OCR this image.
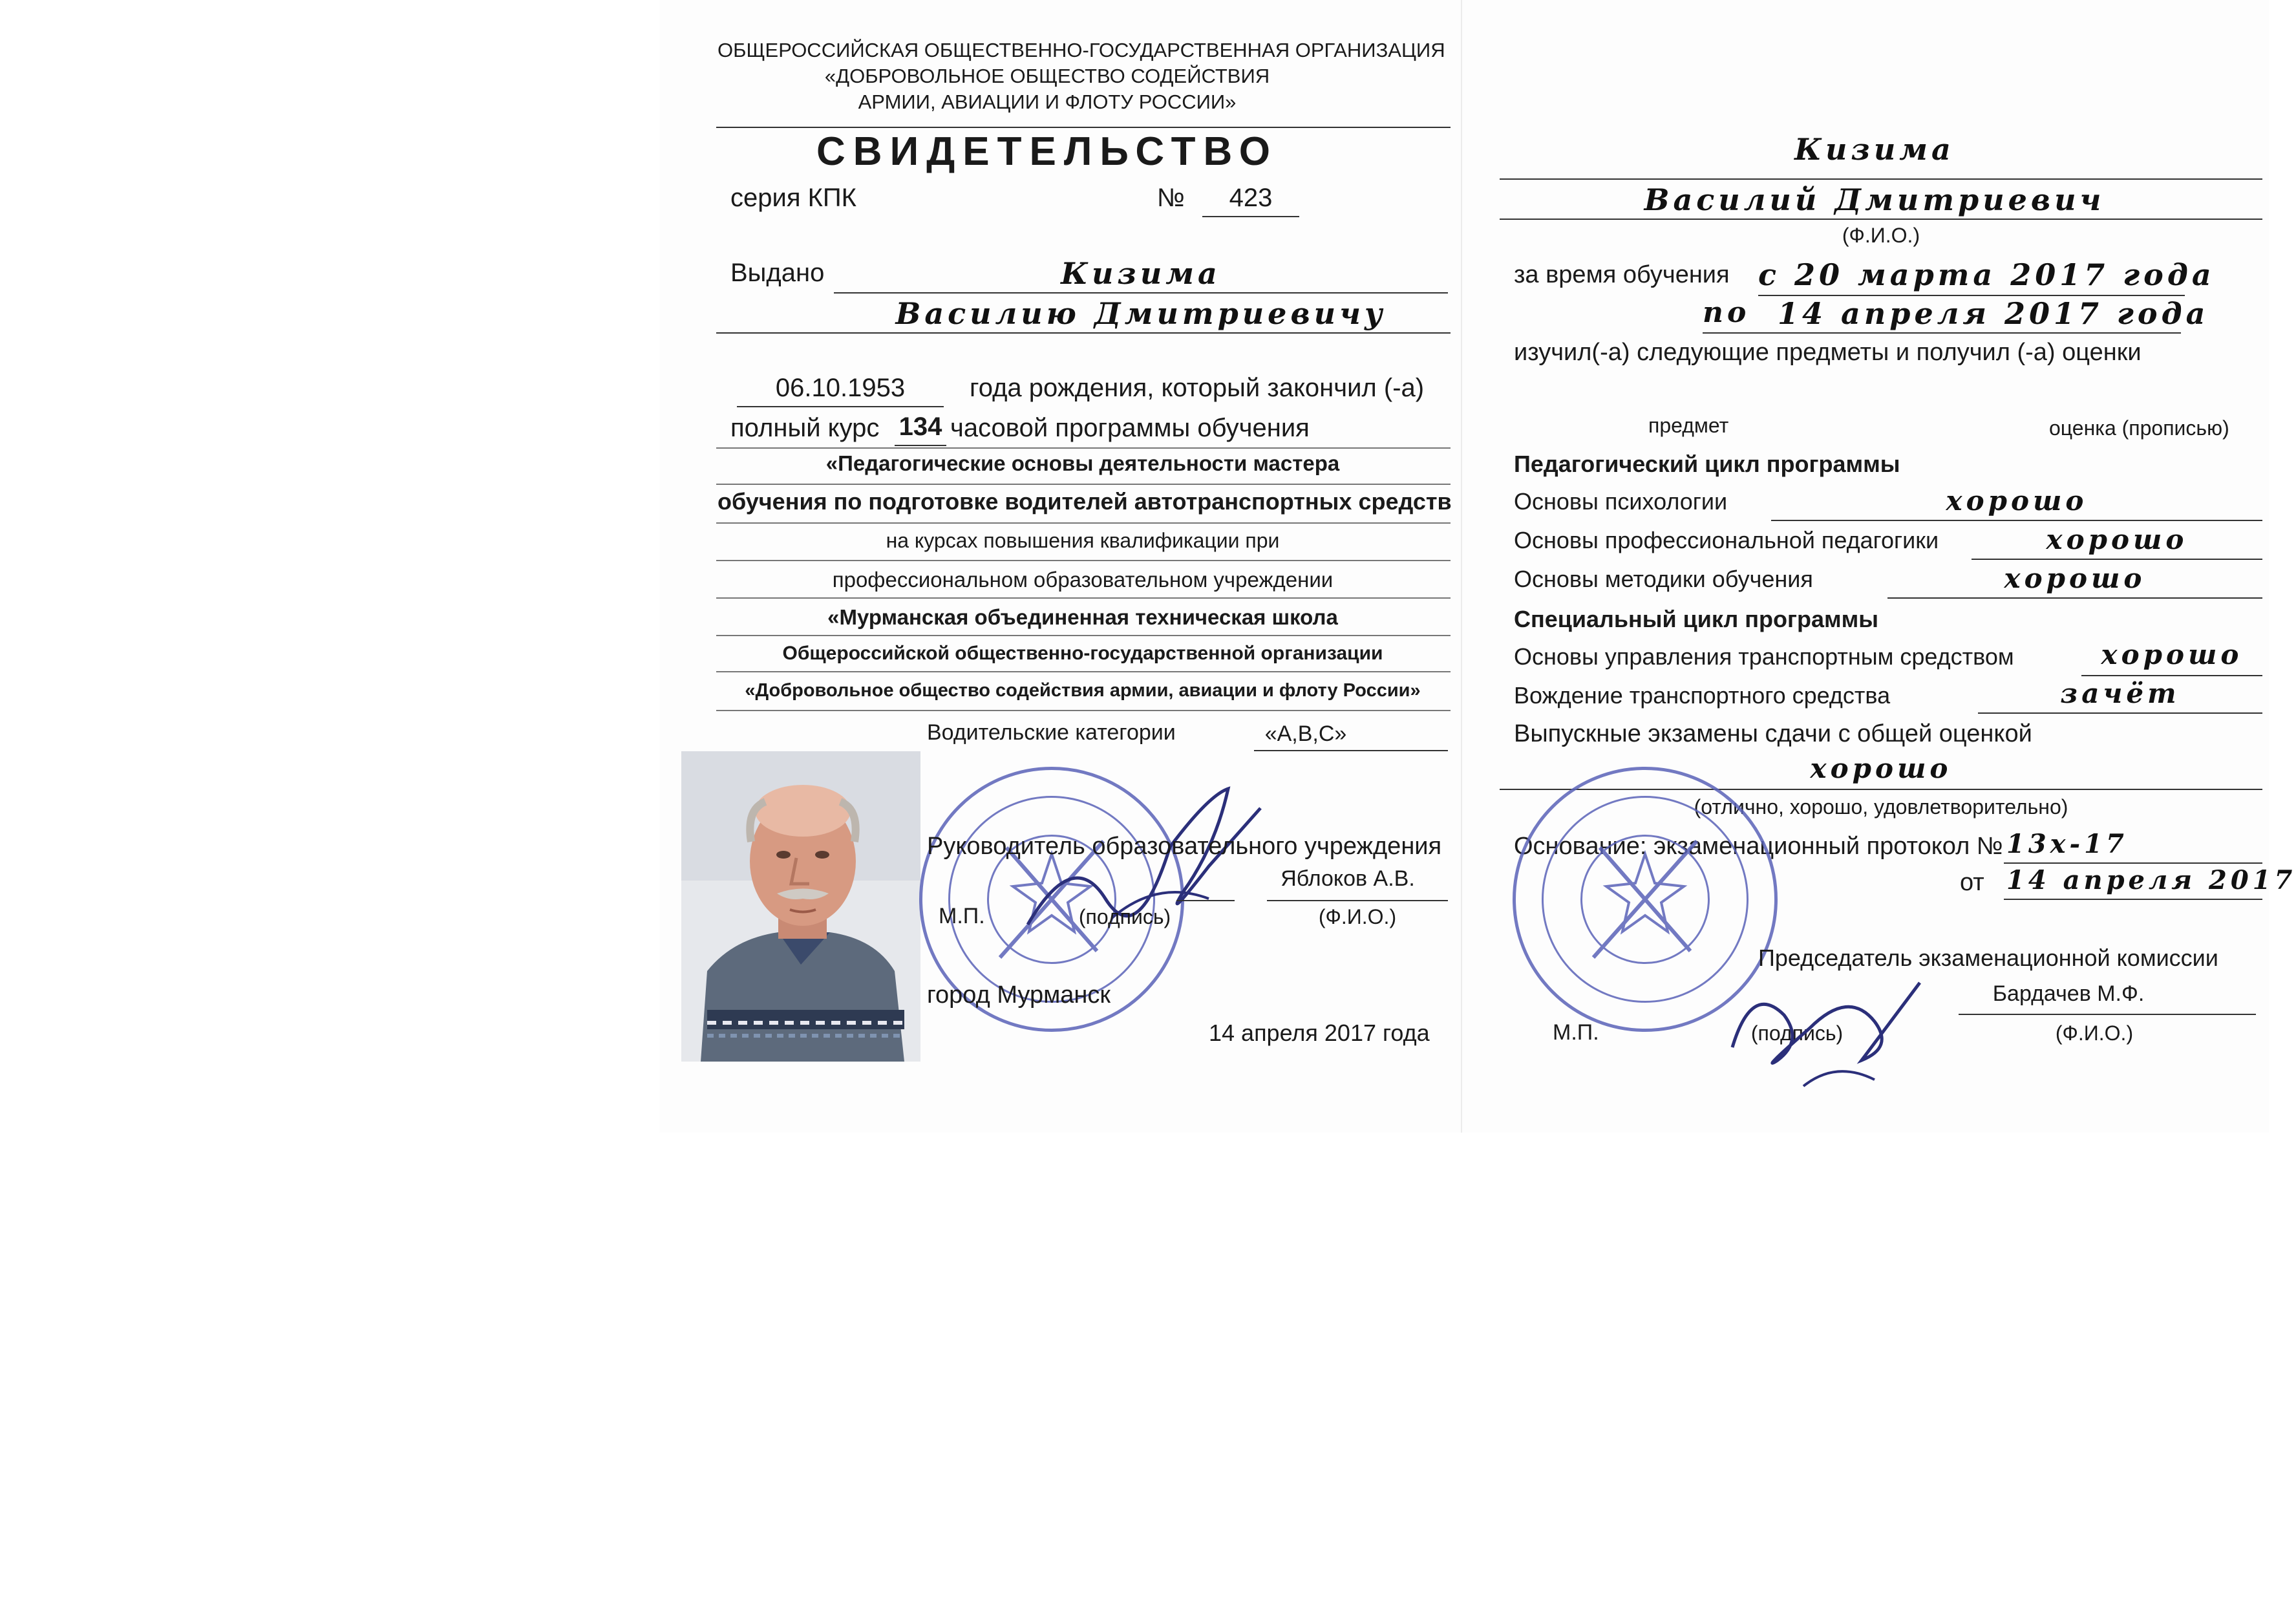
ОБЩЕРОССИЙСКАЯ ОБЩЕСТВЕННО-ГОСУДАРСТВЕННАЯ ОРГАНИЗАЦИЯ
«ДОБРОВОЛЬНОЕ ОБЩЕСТВО СОДЕЙСТВИЯ
АРМИИ, АВИАЦИИ И ФЛОТУ РОССИИ»
СВИДЕТЕЛЬСТВО
серия КПК	№	423
Выдано	Кизима
Василию Дмитриевичу
06.10.1953	года рождения, который закончил (-а)
полный курс 134 часовой программы обучения
«Педагогические основы деятельности мастера
обучения по подготовке водителей автотранспортных средств
на курсах повышения квалификации при
профессиональном образовательном учреждении
«Мурманская объединенная техническая школа
Общероссийской общественно-государственной организации
«Добровольное общество содействия армии, авиации и флоту России»
Водительские категории	«А,В,С»
Руководитель образовательного учреждения
Яблоков А.В.
М.П.	(подпись)	(Ф.И.О.)
город Мурманск
14 апреля 2017 года
Кизима
Василий Дмитриевич
(Ф.И.О.)
за время обучения с 20 марта 2017 года
по 14 апреля 2017 года
изучил(-а) следующие предметы и получил (-а) оценки
предмет	оценка (прописью)
Педагогический цикл программы
Основы психологии	хорошо
Основы профессиональной педагогики	хорошо
Основы методики обучения	хорошо
Специальный цикл программы
Основы управления транспортным средством	хорошо
Вождение транспортного средства	зачёт
Выпускные экзамены сдачи с общей оценкой
хорошо
(отлично, хорошо, удовлетворительно)
Основание: экзаменационный протокол № 13х-17
от 14 апреля 2017
Председатель экзаменационной комиссии
Бардачев М.Ф.
М.П.	(подпись)	(Ф.И.О.)
